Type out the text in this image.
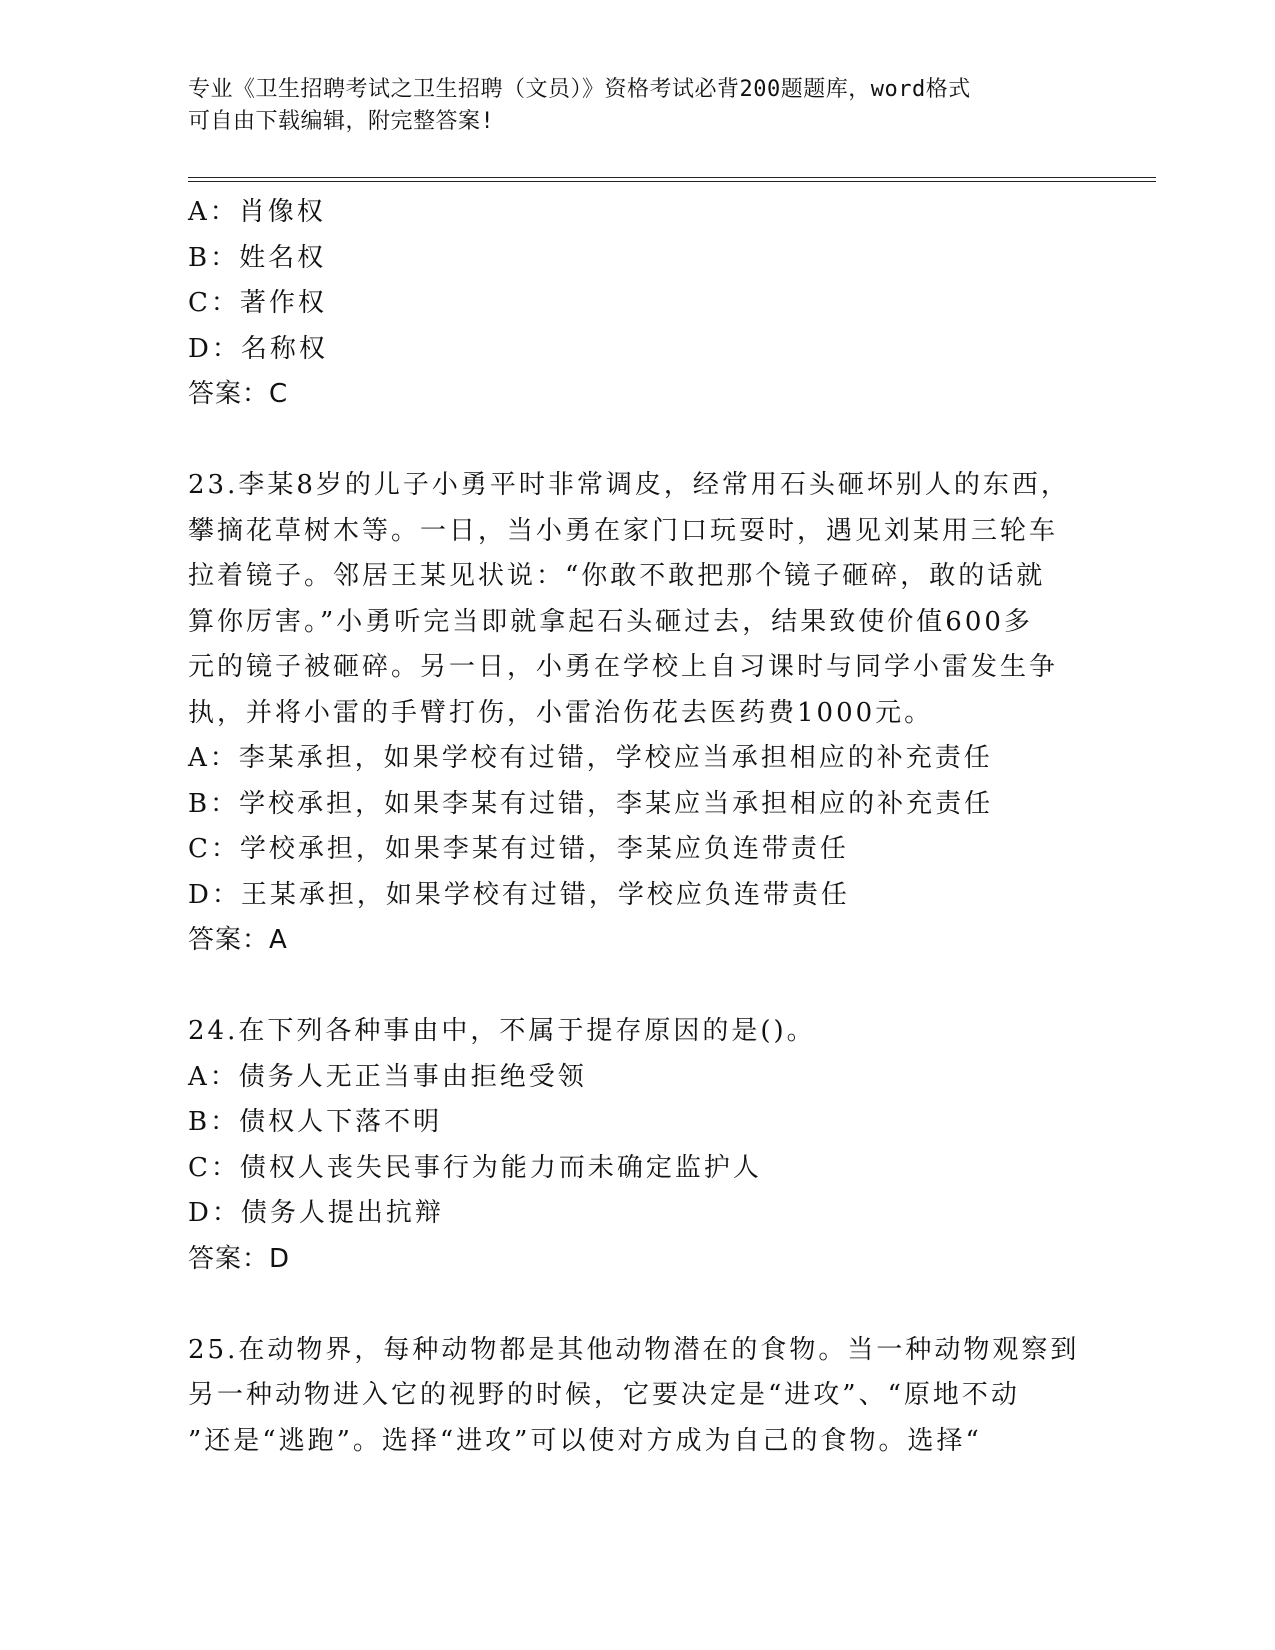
专业《卫生招聘考试之卫生招聘（文员）》资格考试必背200题题库，word格式
可自由下载编辑，附完整答案!
A：肖像权
B：姓名权
C：著作权
D：名称权
答案：C
23.李某8岁的儿子小勇平时非常调皮，经常用石头砸坏别人的东西，
攀摘花草树木等。一日，当小勇在家门口玩耍时，遇见刘某用三轮车
拉着镜子。邻居王某见状说：“你敢不敢把那个镜子砸碎，敢的话就
算你厉害。”小勇听完当即就拿起石头砸过去，结果致使价值600多
元的镜子被砸碎。另一日，小勇在学校上自习课时与同学小雷发生争
执，并将小雷的手臂打伤，小雷治伤花去医药费1000元。
A：李某承担，如果学校有过错，学校应当承担相应的补充责任
B：学校承担，如果李某有过错，李某应当承担相应的补充责任
C：学校承担，如果李某有过错，李某应负连带责任
D：王某承担，如果学校有过错，学校应负连带责任
答案：A
24.在下列各种事由中，不属于提存原因的是()。
A：债务人无正当事由拒绝受领
B：债权人下落不明
C：债权人丧失民事行为能力而未确定监护人
D：债务人提出抗辩
答案：D
25.在动物界，每种动物都是其他动物潜在的食物。当一种动物观察到
另一种动物进入它的视野的时候，它要决定是“进攻”、“原地不动
”还是“逃跑”。选择“进攻”可以使对方成为自己的食物。选择“
